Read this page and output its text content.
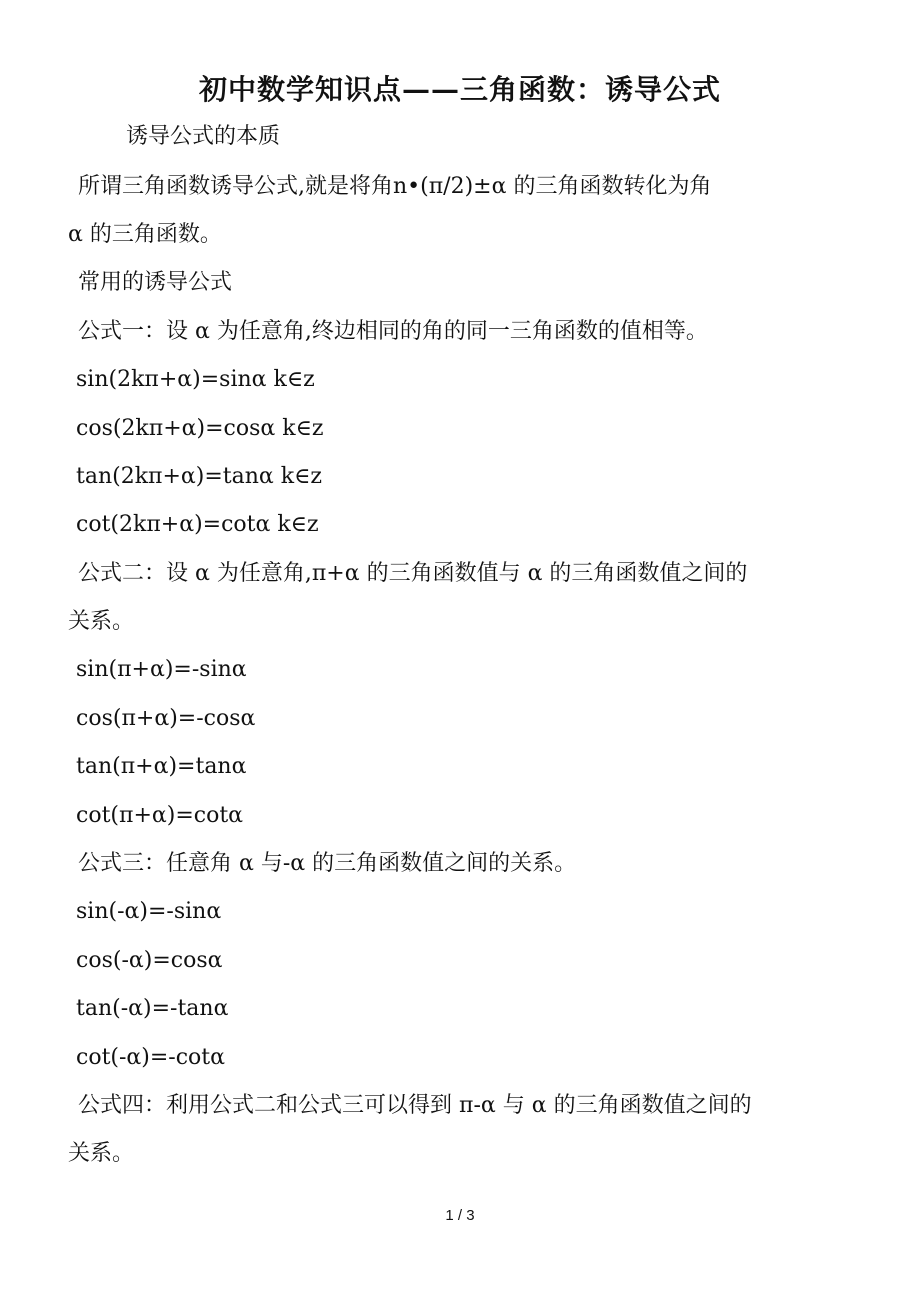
初中数学知识点——三角函数：诱导公式
诱导公式的本质
所谓三角函数诱导公式,就是将角n•(π/2)±α 的三角函数转化为角
α 的三角函数。
常用的诱导公式
公式一：设 α 为任意角,终边相同的角的同一三角函数的值相等。
sin(2kπ+α)=sinα k∈z
cos(2kπ+α)=cosα k∈z
tan(2kπ+α)=tanα k∈z
cot(2kπ+α)=cotα k∈z
公式二：设 α 为任意角,π+α 的三角函数值与 α 的三角函数值之间的
关系。
sin(π+α)=-sinα
cos(π+α)=-cosα
tan(π+α)=tanα
cot(π+α)=cotα
公式三：任意角 α 与-α 的三角函数值之间的关系。
sin(-α)=-sinα
cos(-α)=cosα
tan(-α)=-tanα
cot(-α)=-cotα
公式四：利用公式二和公式三可以得到 π-α 与 α 的三角函数值之间的
关系。
1 / 3
